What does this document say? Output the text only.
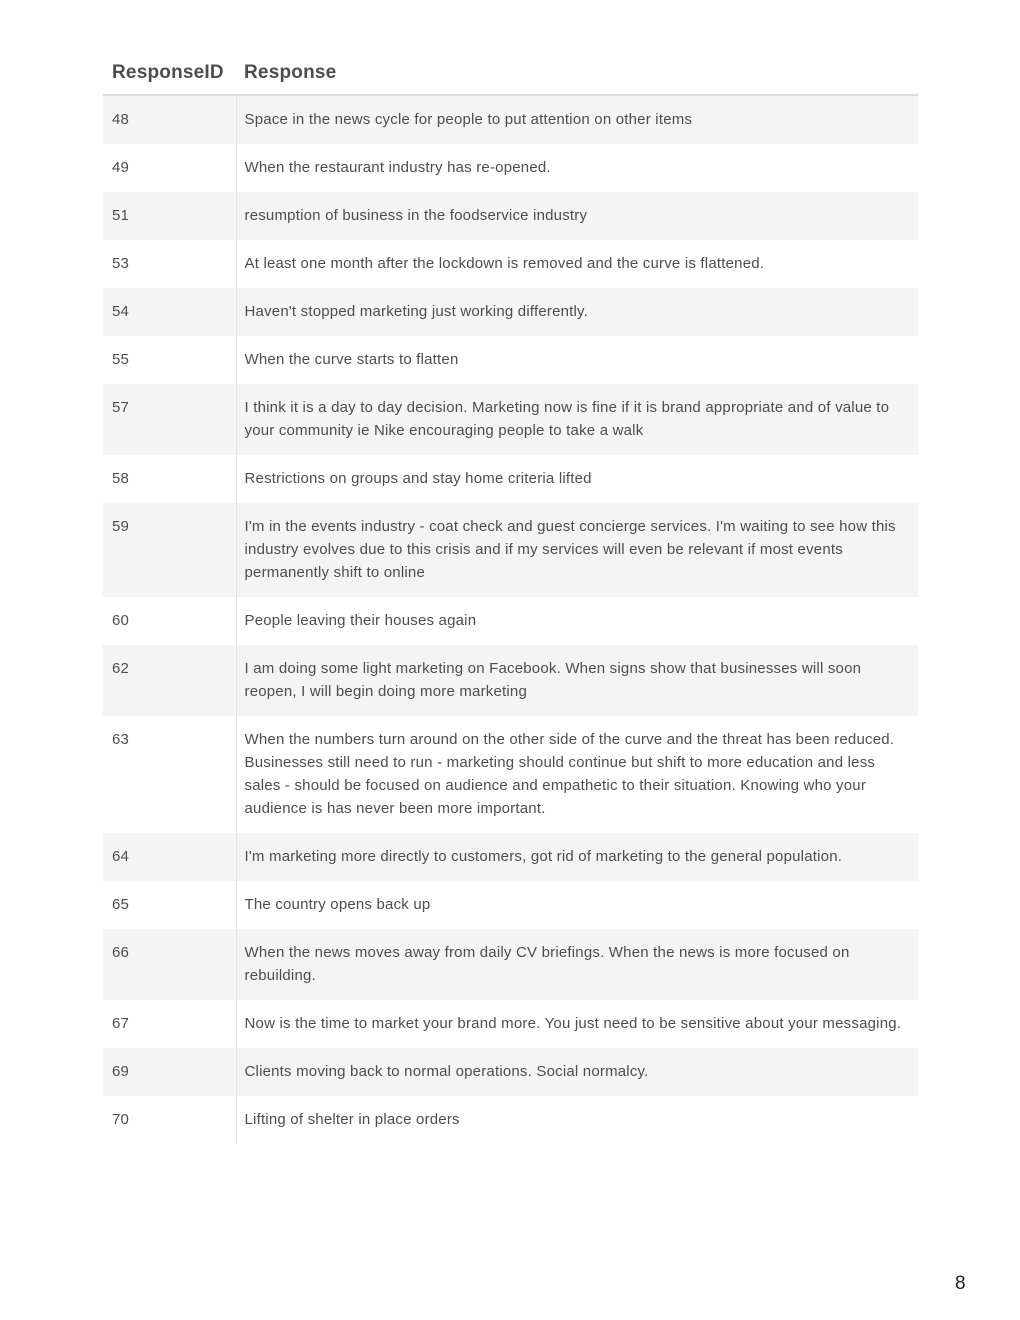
ResponseID	Response
48	Space in the news cycle for people to put attention on other items
49	When the restaurant industry has re-opened.
51	resumption of business in the foodservice industry
53	At least one month after the lockdown is removed and the curve is flattened.
54	Haven't stopped marketing just working differently.
55	When the curve starts to flatten
57	I think it is a day to day decision. Marketing now is fine if it is brand appropriate and of value to your community ie Nike encouraging people to take a walk
58	Restrictions on groups and stay home criteria lifted
59	I'm in the events industry - coat check and guest concierge services. I'm waiting to see how this industry evolves due to this crisis and if my services will even be relevant if most events permanently shift to online
60	People leaving their houses again
62	I am doing some light marketing on Facebook. When signs show that businesses will soon reopen, I will begin doing more marketing
63	When the numbers turn around on the other side of the curve and the threat has been reduced. Businesses still need to run - marketing should continue but shift to more education and less sales - should be focused on audience and empathetic to their situation. Knowing who your audience is has never been more important.
64	I'm marketing more directly to customers, got rid of marketing to the general population.
65	The country opens back up
66	When the news moves away from daily CV briefings. When the news is more focused on rebuilding.
67	Now is the time to market your brand more. You just need to be sensitive about your messaging.
69	Clients moving back to normal operations. Social normalcy.
70	Lifting of shelter in place orders
8
